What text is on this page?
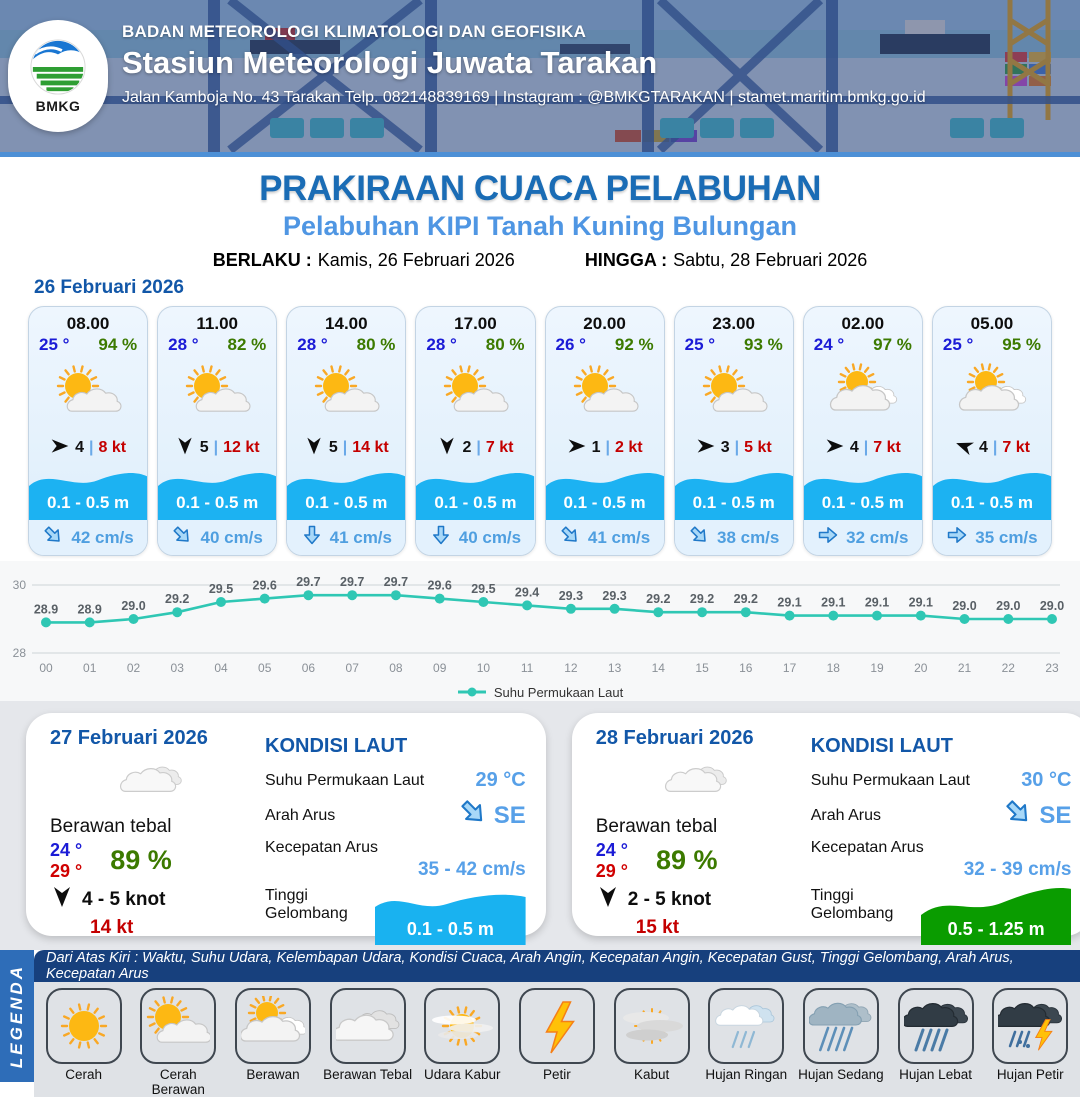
BMKG
BADAN METEOROLOGI KLIMATOLOGI DAN GEOFISIKA
Stasiun Meteorologi Juwata Tarakan
Jalan Kamboja No. 43 Tarakan Telp. 082148839169 | Instagram : @BMKGTARAKAN | stamet.maritim.bmkg.go.id
PRAKIRAAN CUACA PELABUHAN
Pelabuhan KIPI Tanah Kuning Bulungan
BERLAKU : Kamis, 26 Februari 2026	HINGGA : Sabtu, 28 Februari 2026
26 Februari 2026
08.00
25 ° 94 %
4 | 8 kt
0.1 - 0.5 m
42 cm/s
11.00
28 ° 82 %
5 | 12 kt
0.1 - 0.5 m
40 cm/s
14.00
28 ° 80 %
5 | 14 kt
0.1 - 0.5 m
41 cm/s
17.00
28 ° 80 %
2 | 7 kt
0.1 - 0.5 m
40 cm/s
20.00
26 ° 92 %
1 | 2 kt
0.1 - 0.5 m
41 cm/s
23.00
25 ° 93 %
3 | 5 kt
0.1 - 0.5 m
38 cm/s
02.00
24 ° 97 %
4 | 7 kt
0.1 - 0.5 m
32 cm/s
05.00
25 ° 95 %
4 | 7 kt
0.1 - 0.5 m
35 cm/s
28
30
28.9
00
28.9
01
29.0
02
29.2
03
29.5
04
29.6
05
29.7
06
29.7
07
29.7
08
29.6
09
29.5
10
29.4
11
29.3
12
29.3
13
29.2
14
29.2
15
29.2
16
29.1
17
29.1
18
29.1
19
29.1
20
29.0
21
29.0
22
29.0
23
Suhu Permukaan Laut
27 Februari 2026
Berawan tebal
24 °
29 ° 89 %
4 - 5 knot
14 kt
KONDISI LAUT
Suhu Permukaan Laut	29 °C
Arah Arus	SE
Kecepatan Arus
35 - 42 cm/s
Tinggi Gelombang
0.1 - 0.5 m
28 Februari 2026
Berawan tebal
24 °
29 ° 89 %
2 - 5 knot
15 kt
KONDISI LAUT
Suhu Permukaan Laut	30 °C
Arah Arus	SE
Kecepatan Arus
32 - 39 cm/s
Tinggi Gelombang
0.5 - 1.25 m
LEGENDA
Dari Atas Kiri : Waktu, Suhu Udara, Kelembapan Udara, Kondisi Cuaca, Arah Angin, Kecepatan Angin, Kecepatan Gust, Tinggi Gelombang, Arah Arus, Kecepatan Arus
Cerah	Cerah Berawan
Berawan	Berawan Tebal Udara Kabur	Petir	Kabut	Hujan Ringan Hujan Sedang	Hujan Lebat	Hujan Petir
